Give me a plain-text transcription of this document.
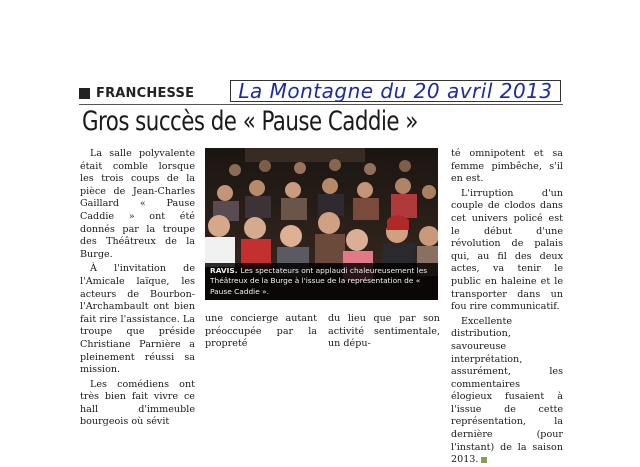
FRANCHESSE La Montagne du 20 avril 2013
Gros succès de « Pause Caddie »

La salle polyvalente était comble lorsque les trois coups de la pièce de Jean-Charles Gaillard « Pause Caddie » ont été donnés par la troupe des Théâtreux de la Burge.

À l'invitation de l'Amicale laïque, les acteurs de Bourbon-l'Archambault ont bien fait rire l'assistance. La troupe que préside Christiane Parnière a pleinement réussi sa mission.

Les comédiens ont très bien fait vivre ce hall d'immeuble bourgeois où sévit

RAVIS. Les spectateurs ont applaudi chaleureusement les Théâtreux de la Burge à l'issue de la représentation de « Pause Caddie ».

une concierge autant préoccupée par la propreté

du lieu que par son activité sentimentale, un dépu-

té omnipotent et sa femme pimbêche, s'il en est.

L'irruption d'un couple de clodos dans cet univers policé est le début d'une révolution de palais qui, au fil des deux actes, va tenir le public en haleine et le transporter dans un fou rire communicatif.

Excellente distribution, savoureuse interprétation, assurément, les commentaires élogieux fusaient à l'issue de cette représentation, la dernière (pour l'instant) de la saison 2013.
